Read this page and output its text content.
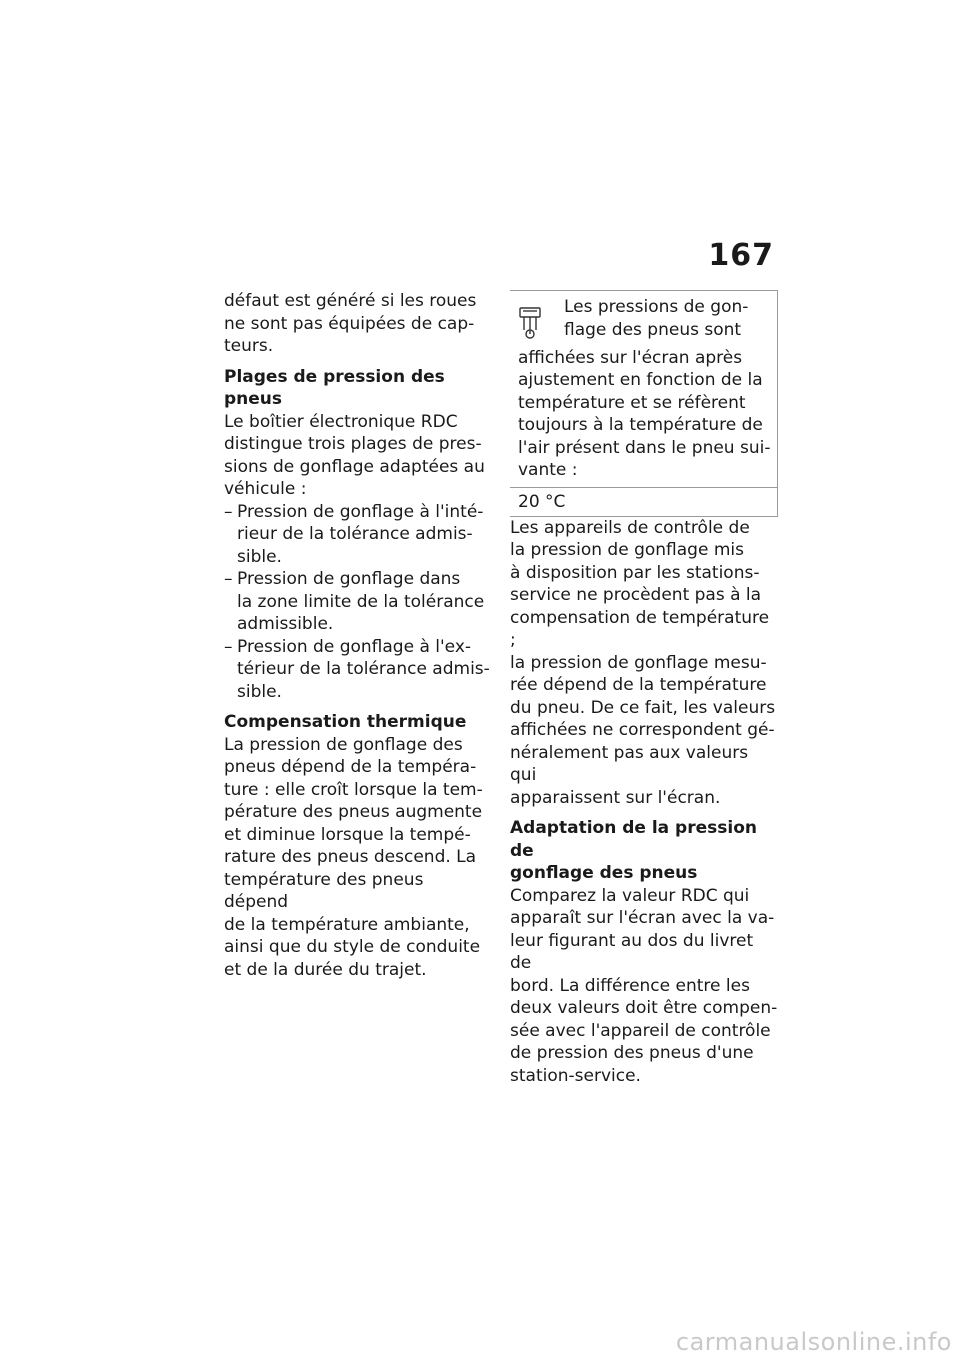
167

défaut est généré si les roues
ne sont pas équipées de cap-
teurs.

Plages de pression des pneus

Le boîtier électronique RDC
distingue trois plages de pres-
sions de gonflage adaptées au
véhicule :

– Pression de gonflage à l'inté-
rieur de la tolérance admis-
sible.
– Pression de gonflage dans
la zone limite de la tolérance
admissible.
– Pression de gonflage à l'ex-
térieur de la tolérance admis-
sible.

Compensation thermique

La pression de gonflage des
pneus dépend de la tempéra-
ture : elle croît lorsque la tem-
pérature des pneus augmente
et diminue lorsque la tempé-
rature des pneus descend. La
température des pneus dépend
de la température ambiante,
ainsi que du style de conduite
et de la durée du trajet.

Les pressions de gon-
flage des pneus sont
affichées sur l'écran après
ajustement en fonction de la
température et se réfèrent
toujours à la température de
l'air présent dans le pneu sui-
vante :
20 °C

Les appareils de contrôle de
la pression de gonflage mis
à disposition par les stations-
service ne procèdent pas à la
compensation de température ;
la pression de gonflage mesu-
rée dépend de la température
du pneu. De ce fait, les valeurs
affichées ne correspondent gé-
néralement pas aux valeurs qui
apparaissent sur l'écran.

Adaptation de la pression de
gonflage des pneus

Comparez la valeur RDC qui
apparaît sur l'écran avec la va-
leur figurant au dos du livret de
bord. La différence entre les
deux valeurs doit être compen-
sée avec l'appareil de contrôle
de pression des pneus d'une
station-service.

carmanualsonline.info
